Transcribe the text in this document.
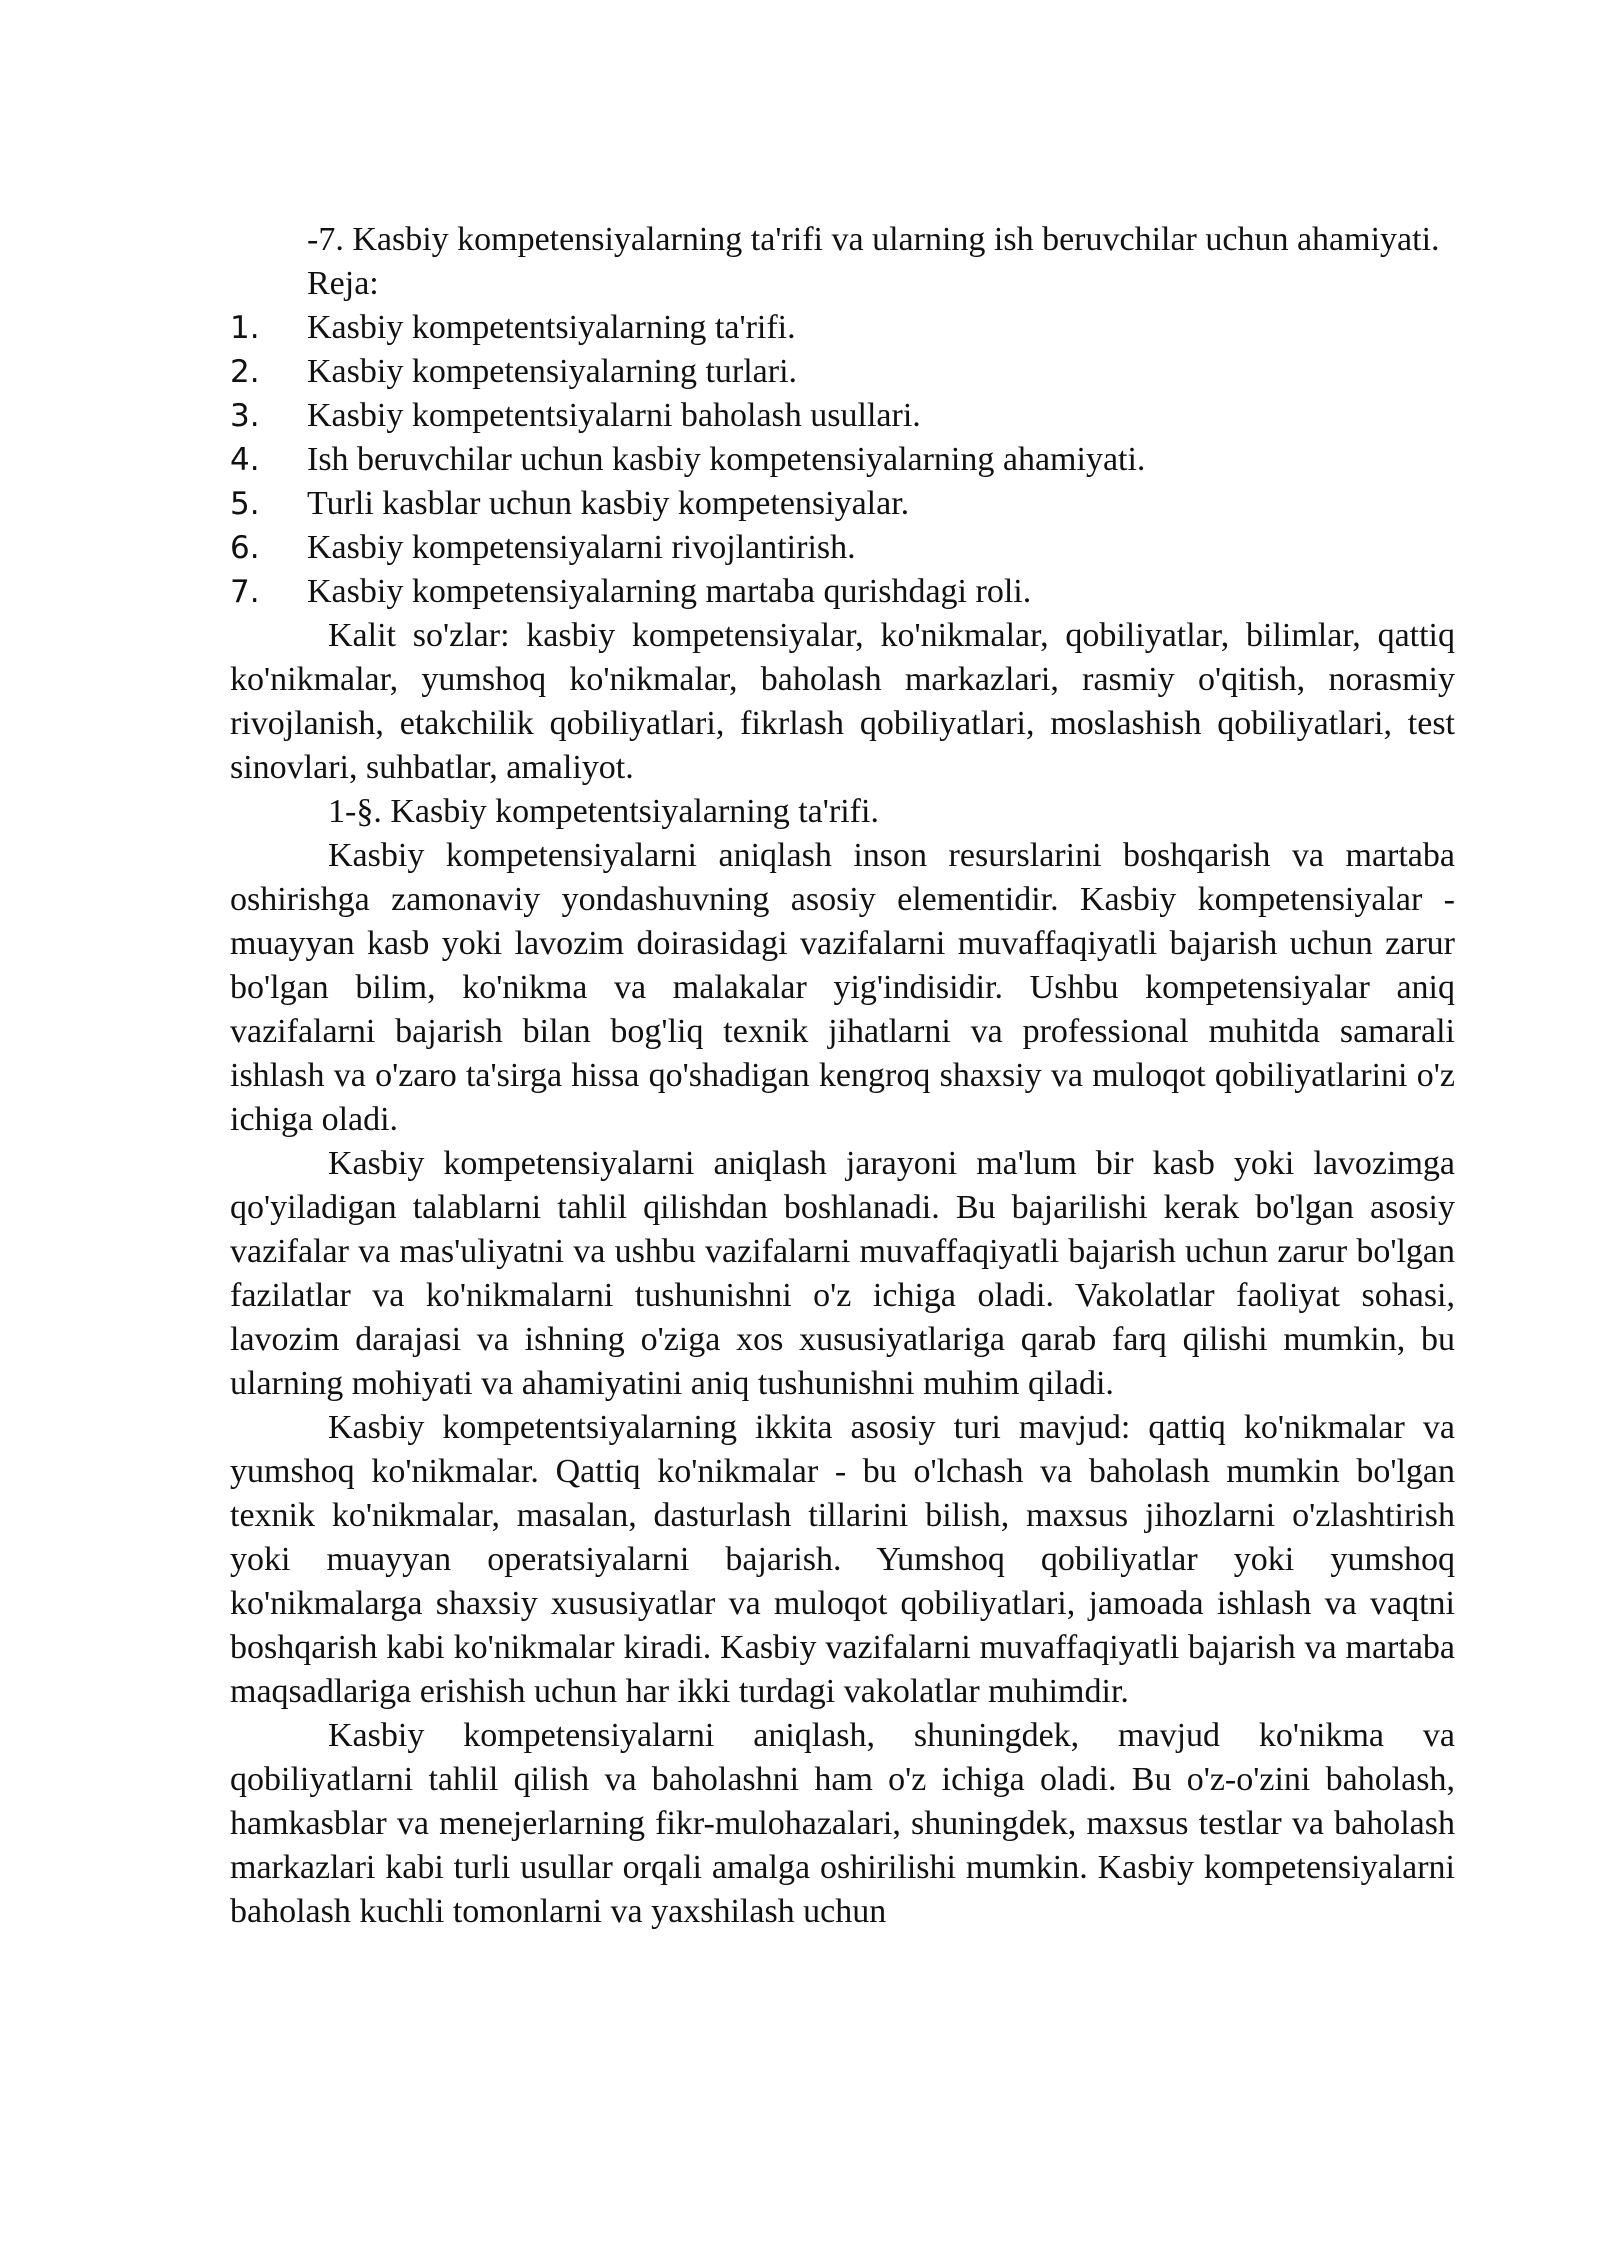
-7. Kasbiy kompetensiyalarning ta'rifi va ularning ish beruvchilar uchun ahamiyati.

Reja:

1.	Kasbiy kompetentsiyalarning ta'rifi.
2.	Kasbiy kompetensiyalarning turlari.
3.	Kasbiy kompetentsiyalarni baholash usullari.
4.	Ish beruvchilar uchun kasbiy kompetensiyalarning ahamiyati.
5.	Turli kasblar uchun kasbiy kompetensiyalar.
6.	Kasbiy kompetensiyalarni rivojlantirish.
7.	Kasbiy kompetensiyalarning martaba qurishdagi roli.

Kalit so'zlar: kasbiy kompetensiyalar, ko'nikmalar, qobiliyatlar, bilimlar, qattiq ko'nikmalar, yumshoq ko'nikmalar, baholash markazlari, rasmiy o'qitish, norasmiy rivojlanish, etakchilik qobiliyatlari, fikrlash qobiliyatlari, moslashish qobiliyatlari, test sinovlari, suhbatlar, amaliyot.

1-§. Kasbiy kompetentsiyalarning ta'rifi.

Kasbiy kompetensiyalarni aniqlash inson resurslarini boshqarish va martaba oshirishga zamonaviy yondashuvning asosiy elementidir. Kasbiy kompetensiyalar - muayyan kasb yoki lavozim doirasidagi vazifalarni muvaffaqiyatli bajarish uchun zarur bo'lgan bilim, ko'nikma va malakalar yig'indisidir. Ushbu kompetensiyalar aniq vazifalarni bajarish bilan bog'liq texnik jihatlarni va professional muhitda samarali ishlash va o'zaro ta'sirga hissa qo'shadigan kengroq shaxsiy va muloqot qobiliyatlarini o'z ichiga oladi.

Kasbiy kompetensiyalarni aniqlash jarayoni ma'lum bir kasb yoki lavozimga qo'yiladigan talablarni tahlil qilishdan boshlanadi. Bu bajarilishi kerak bo'lgan asosiy vazifalar va mas'uliyatni va ushbu vazifalarni muvaffaqiyatli bajarish uchun zarur bo'lgan fazilatlar va ko'nikmalarni tushunishni o'z ichiga oladi. Vakolatlar faoliyat sohasi, lavozim darajasi va ishning o'ziga xos xususiyatlariga qarab farq qilishi mumkin, bu ularning mohiyati va ahamiyatini aniq tushunishni muhim qiladi.

Kasbiy kompetentsiyalarning ikkita asosiy turi mavjud: qattiq ko'nikmalar va yumshoq ko'nikmalar. Qattiq ko'nikmalar - bu o'lchash va baholash mumkin bo'lgan texnik ko'nikmalar, masalan, dasturlash tillarini bilish, maxsus jihozlarni o'zlashtirish yoki muayyan operatsiyalarni bajarish. Yumshoq qobiliyatlar yoki yumshoq ko'nikmalarga shaxsiy xususiyatlar va muloqot qobiliyatlari, jamoada ishlash va vaqtni boshqarish kabi ko'nikmalar kiradi. Kasbiy vazifalarni muvaffaqiyatli bajarish va martaba maqsadlariga erishish uchun har ikki turdagi vakolatlar muhimdir.

Kasbiy kompetensiyalarni aniqlash, shuningdek, mavjud ko'nikma va qobiliyatlarni tahlil qilish va baholashni ham o'z ichiga oladi. Bu o'z-o'zini baholash, hamkasblar va menejerlarning fikr-mulohazalari, shuningdek, maxsus testlar va baholash markazlari kabi turli usullar orqali amalga oshirilishi mumkin. Kasbiy kompetensiyalarni baholash kuchli tomonlarni va yaxshilash uchun
